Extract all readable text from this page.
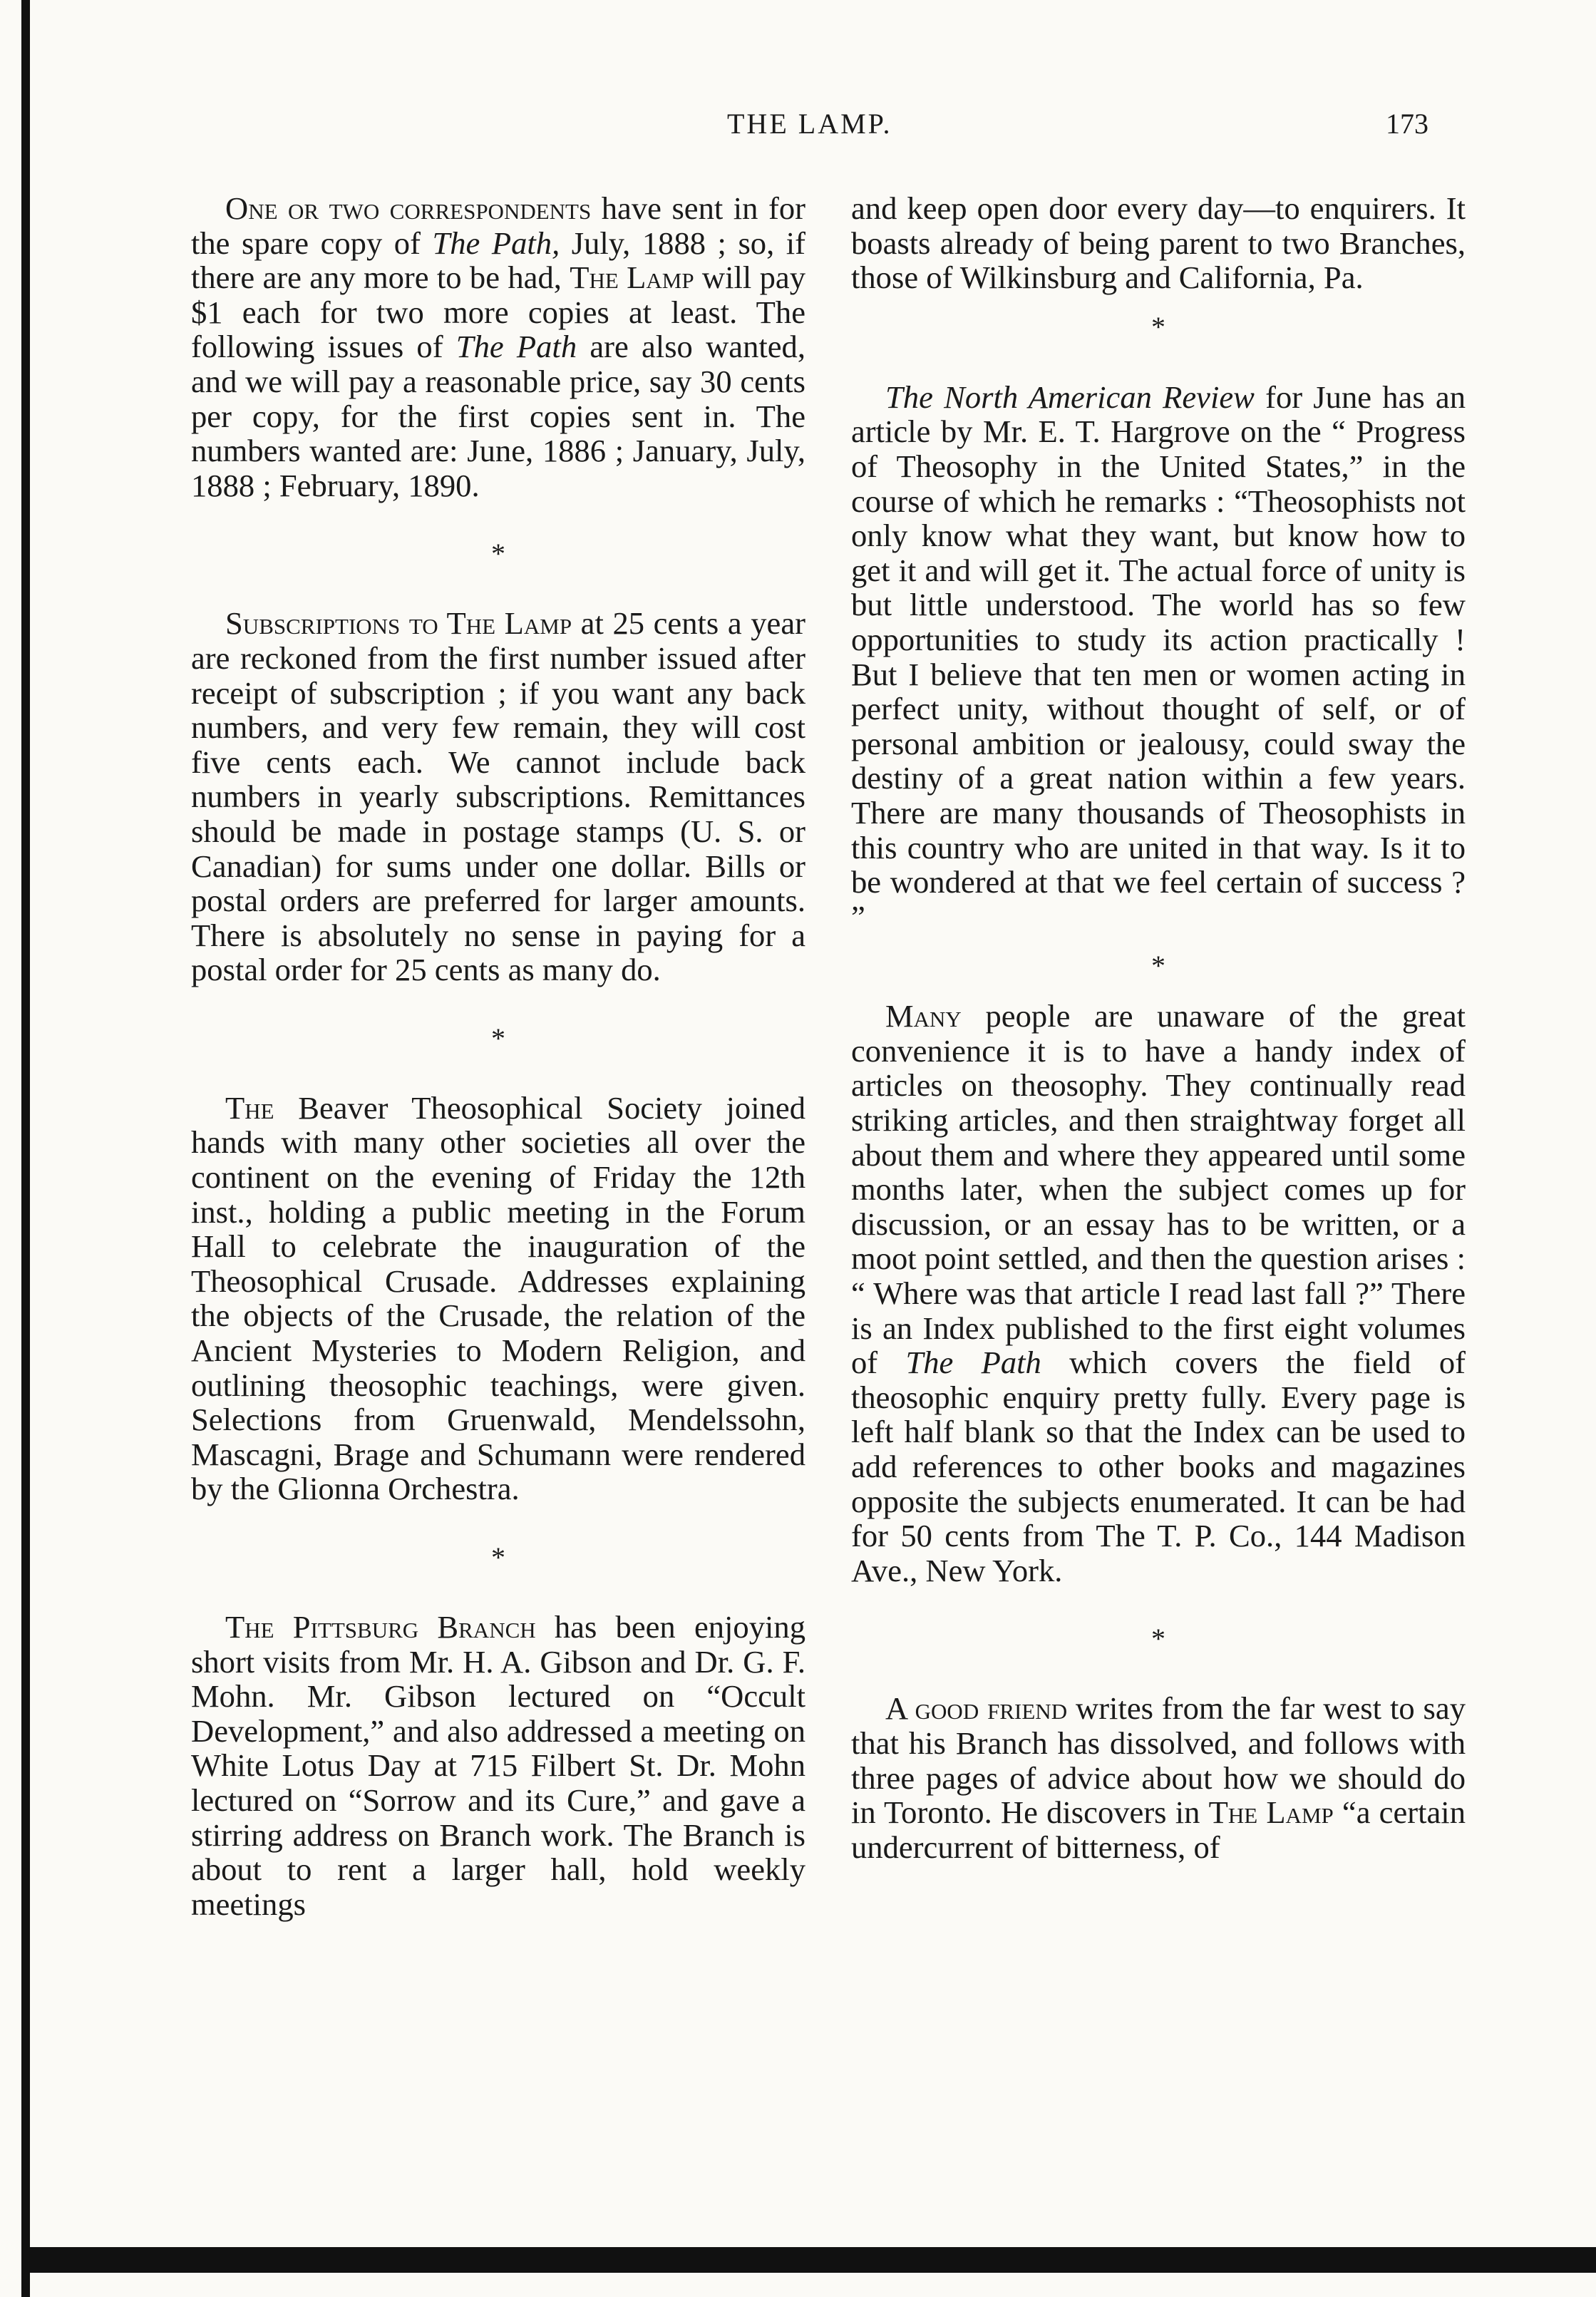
THE LAMP.	173

One or two correspondents have sent in for the spare copy of The Path, July, 1888 ; so, if there are any more to be had, The Lamp will pay $1 each for two more copies at least. The following issues of The Path are also wanted, and we will pay a reasonable price, say 30 cents per copy, for the first copies sent in. The numbers wanted are: June, 1886 ; January, July, 1888 ; February, 1890.

*

Subscriptions to The Lamp at 25 cents a year are reckoned from the first number issued after receipt of subscription ; if you want any back numbers, and very few remain, they will cost five cents each. We cannot include back numbers in yearly subscriptions. Remittances should be made in postage stamps (U. S. or Canadian) for sums under one dollar. Bills or postal orders are preferred for larger amounts. There is absolutely no sense in paying for a postal order for 25 cents as many do.

*

The Beaver Theosophical Society joined hands with many other societies all over the continent on the evening of Friday the 12th inst., holding a public meeting in the Forum Hall to celebrate the inauguration of the Theosophical Crusade. Addresses explaining the objects of the Crusade, the relation of the Ancient Mysteries to Modern Religion, and outlining theosophic teachings, were given. Selections from Gruenwald, Mendelssohn, Mascagni, Brage and Schumann were rendered by the Glionna Orchestra.

*

The Pittsburg Branch has been enjoying short visits from Mr. H. A. Gibson and Dr. G. F. Mohn. Mr. Gibson lectured on “Occult Development,” and also addressed a meeting on White Lotus Day at 715 Filbert St. Dr. Mohn lectured on “Sorrow and its Cure,” and gave a stirring address on Branch work. The Branch is about to rent a larger hall, hold weekly meetings

and keep open door every day—to enquirers. It boasts already of being parent to two Branches, those of Wilkinsburg and California, Pa.

*

The North American Review for June has an article by Mr. E. T. Hargrove on the “ Progress of Theosophy in the United States,” in the course of which he remarks : “Theosophists not only know what they want, but know how to get it and will get it. The actual force of unity is but little understood. The world has so few opportunities to study its action practically ! But I believe that ten men or women acting in perfect unity, without thought of self, or of personal ambition or jealousy, could sway the destiny of a great nation within a few years. There are many thousands of Theosophists in this country who are united in that way. Is it to be wondered at that we feel certain of success ? ”

*

Many people are unaware of the great convenience it is to have a handy index of articles on theosophy. They continually read striking articles, and then straightway forget all about them and where they appeared until some months later, when the subject comes up for discussion, or an essay has to be written, or a moot point settled, and then the question arises : “ Where was that article I read last fall ?” There is an Index published to the first eight volumes of The Path which covers the field of theosophic enquiry pretty fully. Every page is left half blank so that the Index can be used to add references to other books and magazines opposite the subjects enumerated. It can be had for 50 cents from The T. P. Co., 144 Madison Ave., New York.

*

A good friend writes from the far west to say that his Branch has dissolved, and follows with three pages of advice about how we should do in Toronto. He discovers in The Lamp “a certain undercurrent of bitterness, of
